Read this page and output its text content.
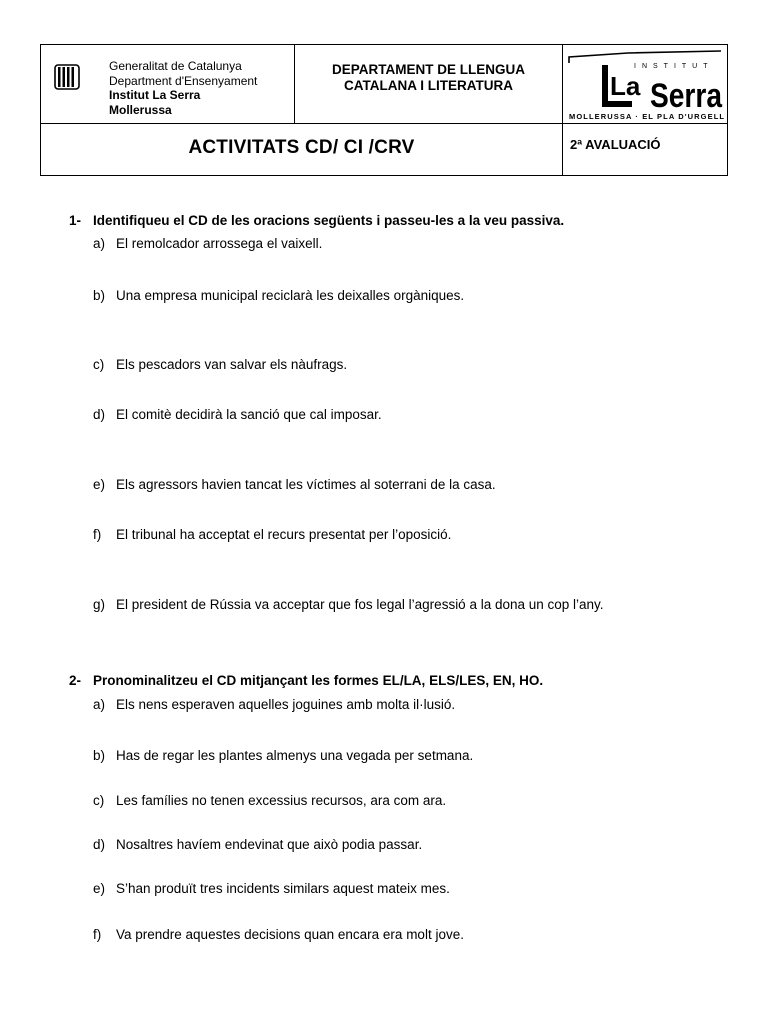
Generalitat de Catalunya
Department d'Ensenyament
Institut La Serra
Mollerussa
DEPARTAMENT DE LLENGUA
CATALANA I LITERATURA
INSTITUT
La Serra
MOLLERUSSA · EL PLA D'URGELL
ACTIVITATS CD/ CI /CRV	2ª AVALUACIÓ
1- Identifiqueu el CD de les oracions següents i passeu-les a la veu passiva.
a) El remolcador arrossega el vaixell.
b) Una empresa municipal reciclarà les deixalles orgàniques.
c) Els pescadors van salvar els nàufrags.
d) El comitè decidirà la sanció que cal imposar.
e) Els agressors havien tancat les víctimes al soterrani de la casa.
f) El tribunal ha acceptat el recurs presentat per l’oposició.
g) El president de Rússia va acceptar que fos legal l’agressió a la dona un cop l’any.
2- Pronominalitzeu el CD mitjançant les formes EL/LA, ELS/LES, EN, HO.
a) Els nens esperaven aquelles joguines amb molta il·lusió.
b) Has de regar les plantes almenys una vegada per setmana.
c) Les famílies no tenen excessius recursos, ara com ara.
d) Nosaltres havíem endevinat que això podia passar.
e) S’han produït tres incidents similars aquest mateix mes.
f) Va prendre aquestes decisions quan encara era molt jove.
